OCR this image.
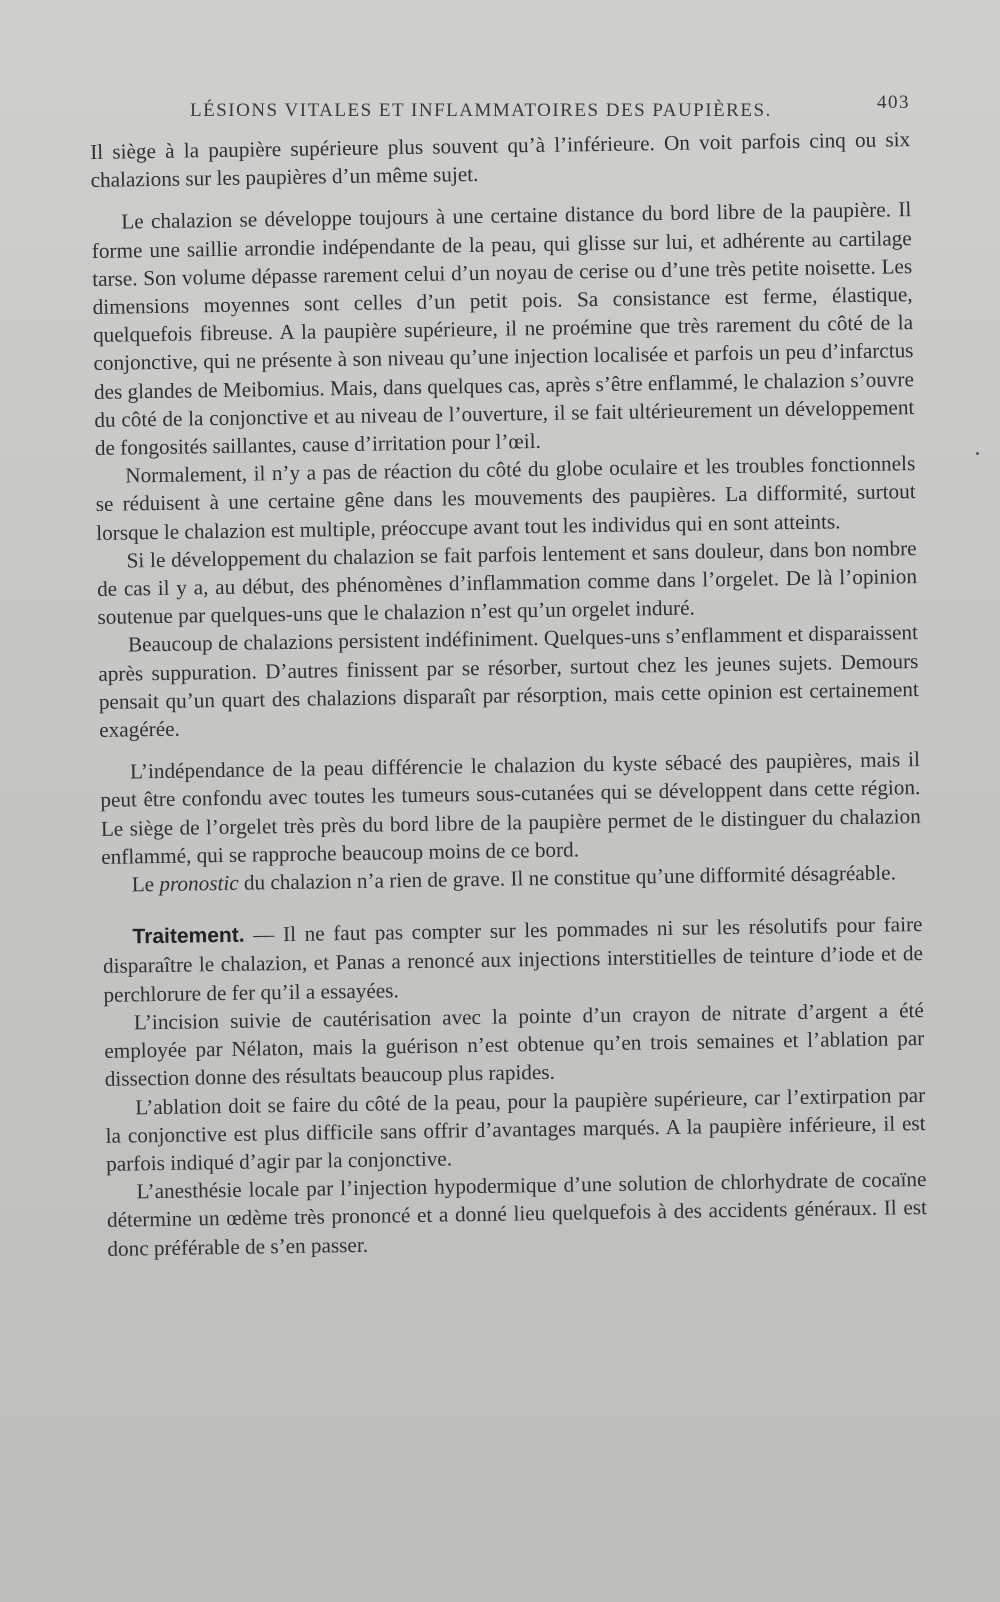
LÉSIONS VITALES ET INFLAMMATOIRES DES PAUPIÈRES.	403

Il siège à la paupière supérieure plus souvent qu’à l’inférieure. On voit parfois cinq ou six chalazions sur les paupières d’un même sujet.

Le chalazion se développe toujours à une certaine distance du bord libre de la paupière. Il forme une saillie arrondie indépendante de la peau, qui glisse sur lui, et adhérente au cartilage tarse. Son volume dépasse rarement celui d’un noyau de cerise ou d’une très petite noisette. Les dimensions moyennes sont celles d’un petit pois. Sa consistance est ferme, élastique, quelquefois fibreuse. A la paupière supérieure, il ne proémine que très rarement du côté de la conjonctive, qui ne présente à son niveau qu’une injection localisée et parfois un peu d’infarctus des glandes de Meibomius. Mais, dans quelques cas, après s’être enflammé, le chalazion s’ouvre du côté de la conjonctive et au niveau de l’ouverture, il se fait ultérieurement un développement de fongosités saillantes, cause d’irritation pour l’œil.

Normalement, il n’y a pas de réaction du côté du globe oculaire et les troubles fonctionnels se réduisent à une certaine gêne dans les mouvements des paupières. La difformité, surtout lorsque le chalazion est multiple, préoccupe avant tout les individus qui en sont atteints.

Si le développement du chalazion se fait parfois lentement et sans douleur, dans bon nombre de cas il y a, au début, des phénomènes d’inflammation comme dans l’orgelet. De là l’opinion soutenue par quelques-uns que le chalazion n’est qu’un orgelet induré.

Beaucoup de chalazions persistent indéfiniment. Quelques-uns s’enflamment et disparaissent après suppuration. D’autres finissent par se résorber, surtout chez les jeunes sujets. Demours pensait qu’un quart des chalazions disparaît par résorption, mais cette opinion est certainement exagérée.

L’indépendance de la peau différencie le chalazion du kyste sébacé des paupières, mais il peut être confondu avec toutes les tumeurs sous-cutanées qui se développent dans cette région. Le siège de l’orgelet très près du bord libre de la paupière permet de le distinguer du chalazion enflammé, qui se rapproche beaucoup moins de ce bord.

Le pronostic du chalazion n’a rien de grave. Il ne constitue qu’une difformité désagréable.

Traitement. — Il ne faut pas compter sur les pommades ni sur les résolutifs pour faire disparaître le chalazion, et Panas a renoncé aux injections interstitielles de teinture d’iode et de perchlorure de fer qu’il a essayées.

L’incision suivie de cautérisation avec la pointe d’un crayon de nitrate d’argent a été employée par Nélaton, mais la guérison n’est obtenue qu’en trois semaines et l’ablation par dissection donne des résultats beaucoup plus rapides.

L’ablation doit se faire du côté de la peau, pour la paupière supérieure, car l’extirpation par la conjonctive est plus difficile sans offrir d’avantages marqués. A la paupière inférieure, il est parfois indiqué d’agir par la conjonctive.

L’anesthésie locale par l’injection hypodermique d’une solution de chlorhydrate de cocaïne détermine un œdème très prononcé et a donné lieu quelquefois à des accidents généraux. Il est donc préférable de s’en passer.
